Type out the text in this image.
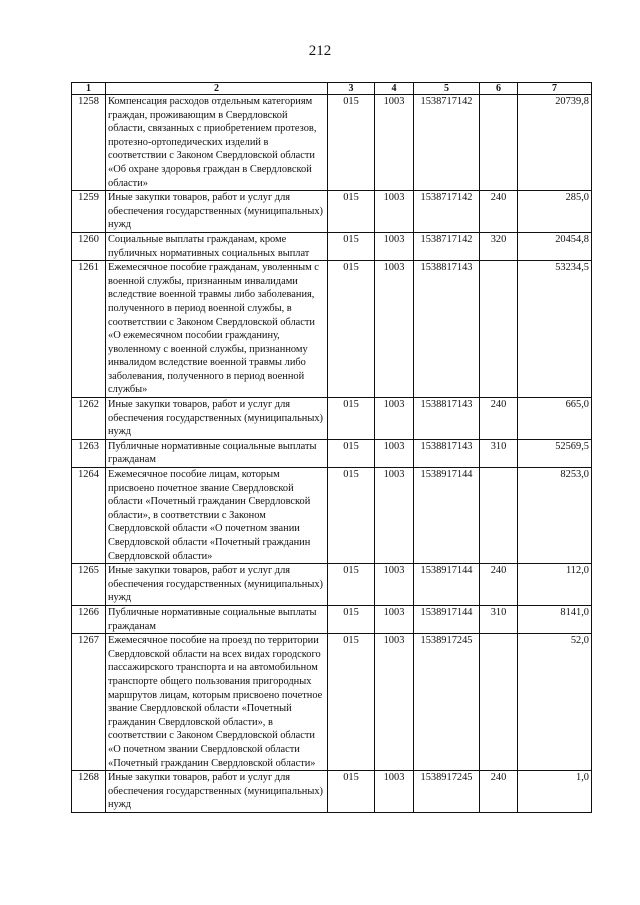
212
1	2	3	4	5	6	7
1258	Компенсация расходов отдельным категориям граждан, проживающим в Свердловской области, связанных с приобретением протезов, протезно-ортопедических изделий в соответствии с Законом Свердловской области «Об охране здоровья граждан в Свердловской области»	015	1003	1538717142		20739,8
1259	Иные закупки товаров, работ и услуг для обеспечения государственных (муниципальных) нужд	015	1003	1538717142	240	285,0
1260	Социальные выплаты гражданам, кроме публичных нормативных социальных выплат	015	1003	1538717142	320	20454,8
1261	Ежемесячное пособие гражданам, уволенным с военной службы, признанным инвалидами вследствие военной травмы либо заболевания, полученного в период военной службы, в соответствии с Законом Свердловской области «О ежемесячном пособии гражданину, уволенному с военной службы, признанному инвалидом вследствие военной травмы либо заболевания, полученного в период военной службы»	015	1003	1538817143		53234,5
1262	Иные закупки товаров, работ и услуг для обеспечения государственных (муниципальных) нужд	015	1003	1538817143	240	665,0
1263	Публичные нормативные социальные выплаты гражданам	015	1003	1538817143	310	52569,5
1264	Ежемесячное пособие лицам, которым присвоено почетное звание Свердловской области «Почетный гражданин Свердловской области», в соответствии с Законом Свердловской области «О почетном звании Свердловской области «Почетный гражданин Свердловской области»	015	1003	1538917144		8253,0
1265	Иные закупки товаров, работ и услуг для обеспечения государственных (муниципальных) нужд	015	1003	1538917144	240	112,0
1266	Публичные нормативные социальные выплаты гражданам	015	1003	1538917144	310	8141,0
1267	Ежемесячное пособие на проезд по территории Свердловской области на всех видах городского пассажирского транспорта и на автомобильном транспорте общего пользования пригородных маршрутов лицам, которым присвоено почетное звание Свердловской области «Почетный гражданин Свердловской области», в соответствии с Законом Свердловской области «О почетном звании Свердловской области «Почетный гражданин Свердловской области»	015	1003	1538917245		52,0
1268	Иные закупки товаров, работ и услуг для обеспечения государственных (муниципальных) нужд	015	1003	1538917245	240	1,0
